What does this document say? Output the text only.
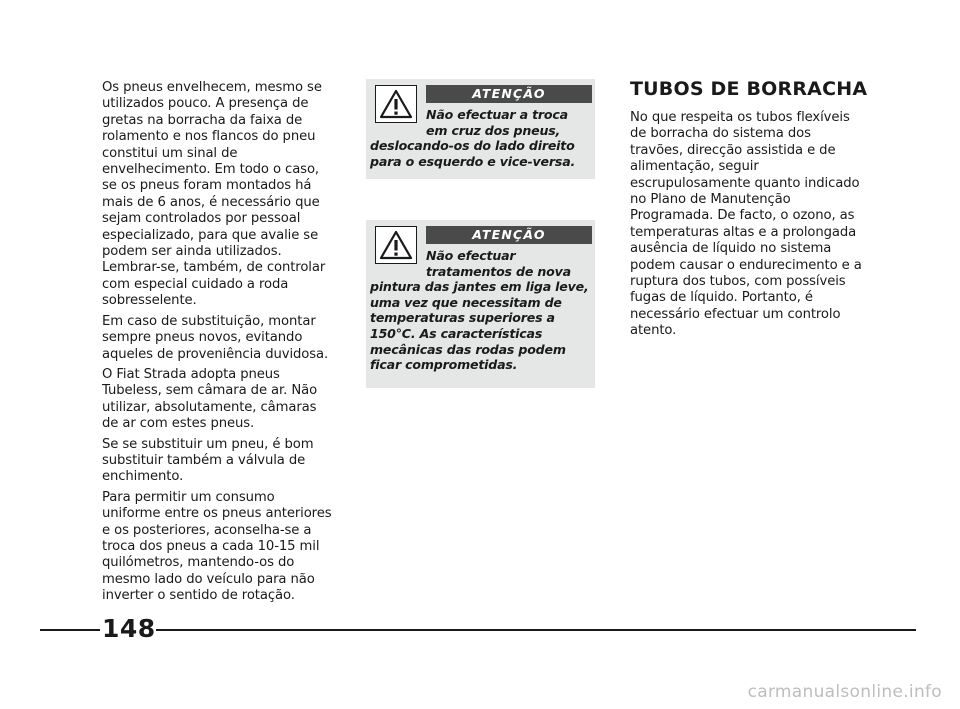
Os pneus envelhecem, mesmo se utilizados pouco. A presença de gretas na borracha da faixa de rolamento e nos flancos do pneu constitui um sinal de envelhecimento. Em todo o caso, se os pneus foram montados há mais de 6 anos, é necessário que sejam controlados por pessoal especializado, para que avalie se podem ser ainda utilizados. Lembrar-se, também, de controlar com especial cuidado a roda sobresselente.

Em caso de substituição, montar sempre pneus novos, evitando aqueles de proveniência duvidosa.

O Fiat Strada adopta pneus Tubeless, sem câmara de ar. Não utilizar, absolutamente, câmaras de ar com estes pneus.

Se se substituir um pneu, é bom substituir também a válvula de enchimento.

Para permitir um consumo uniforme entre os pneus anteriores e os posteriores, aconselha-se a troca dos pneus a cada 10-15 mil quilómetros, mantendo-os do mesmo lado do veículo para não inverter o sentido de rotação.

ATENÇÃO
Não efectuar a troca em cruz dos pneus,
deslocando-os do lado direito para o esquerdo e vice-versa.
ATENÇÃO
Não efectuar tratamentos de nova
pintura das jantes em liga leve, uma vez que necessitam de temperaturas superiores a 150°C. As características mecânicas das rodas podem ficar comprometidas.
TUBOS DE BORRACHA

No que respeita os tubos flexíveis de borracha do sistema dos travões, direcção assistida e de alimentação, seguir escrupulosamente quanto indicado no Plano de Manutenção Programada. De facto, o ozono, as temperaturas altas e a prolongada ausência de líquido no sistema podem causar o endurecimento e a ruptura dos tubos, com possíveis fugas de líquido. Portanto, é necessário efectuar um controlo atento.

148
carmanualsonline.info
